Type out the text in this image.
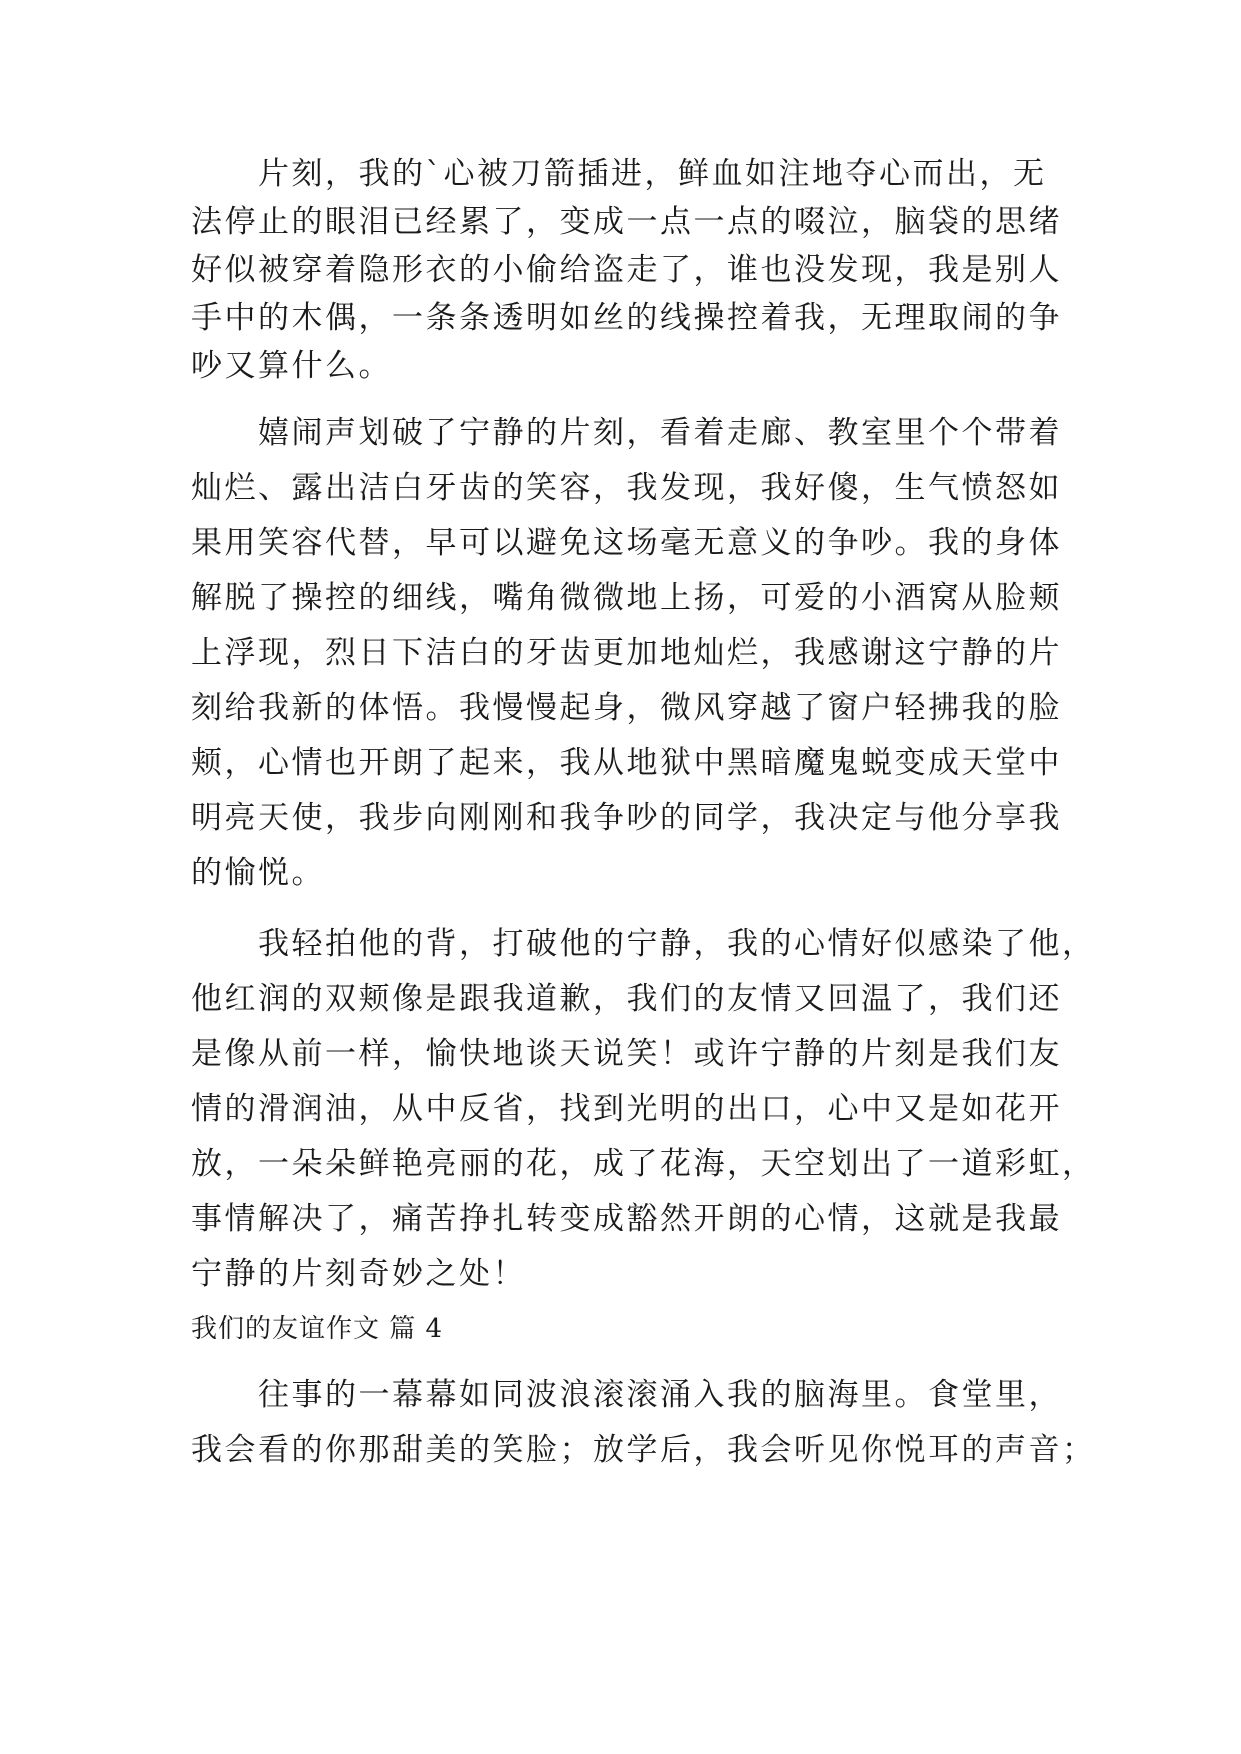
　　片刻，我的`心被刀箭插进，鲜血如注地夺心而出，无
法停止的眼泪已经累了，变成一点一点的啜泣，脑袋的思绪
好似被穿着隐形衣的小偷给盗走了，谁也没发现，我是别人
手中的木偶，一条条透明如丝的线操控着我，无理取闹的争
吵又算什么。
　　嬉闹声划破了宁静的片刻，看着走廊、教室里个个带着
灿烂、露出洁白牙齿的笑容，我发现，我好傻，生气愤怒如
果用笑容代替，早可以避免这场毫无意义的争吵。我的身体
解脱了操控的细线，嘴角微微地上扬，可爱的小酒窝从脸颊
上浮现，烈日下洁白的牙齿更加地灿烂，我感谢这宁静的片
刻给我新的体悟。我慢慢起身，微风穿越了窗户轻拂我的脸
颊，心情也开朗了起来，我从地狱中黑暗魔鬼蜕变成天堂中
明亮天使，我步向刚刚和我争吵的同学，我决定与他分享我
的愉悦。
　　我轻拍他的背，打破他的宁静，我的心情好似感染了他，
他红润的双颊像是跟我道歉，我们的友情又回温了，我们还
是像从前一样，愉快地谈天说笑！或许宁静的片刻是我们友
情的滑润油，从中反省，找到光明的出口，心中又是如花开
放，一朵朵鲜艳亮丽的花，成了花海，天空划出了一道彩虹，
事情解决了，痛苦挣扎转变成豁然开朗的心情，这就是我最
宁静的片刻奇妙之处！
我们的友谊作文 篇 4
　　往事的一幕幕如同波浪滚滚涌入我的脑海里。食堂里，
我会看的你那甜美的笑脸；放学后，我会听见你悦耳的声音；
